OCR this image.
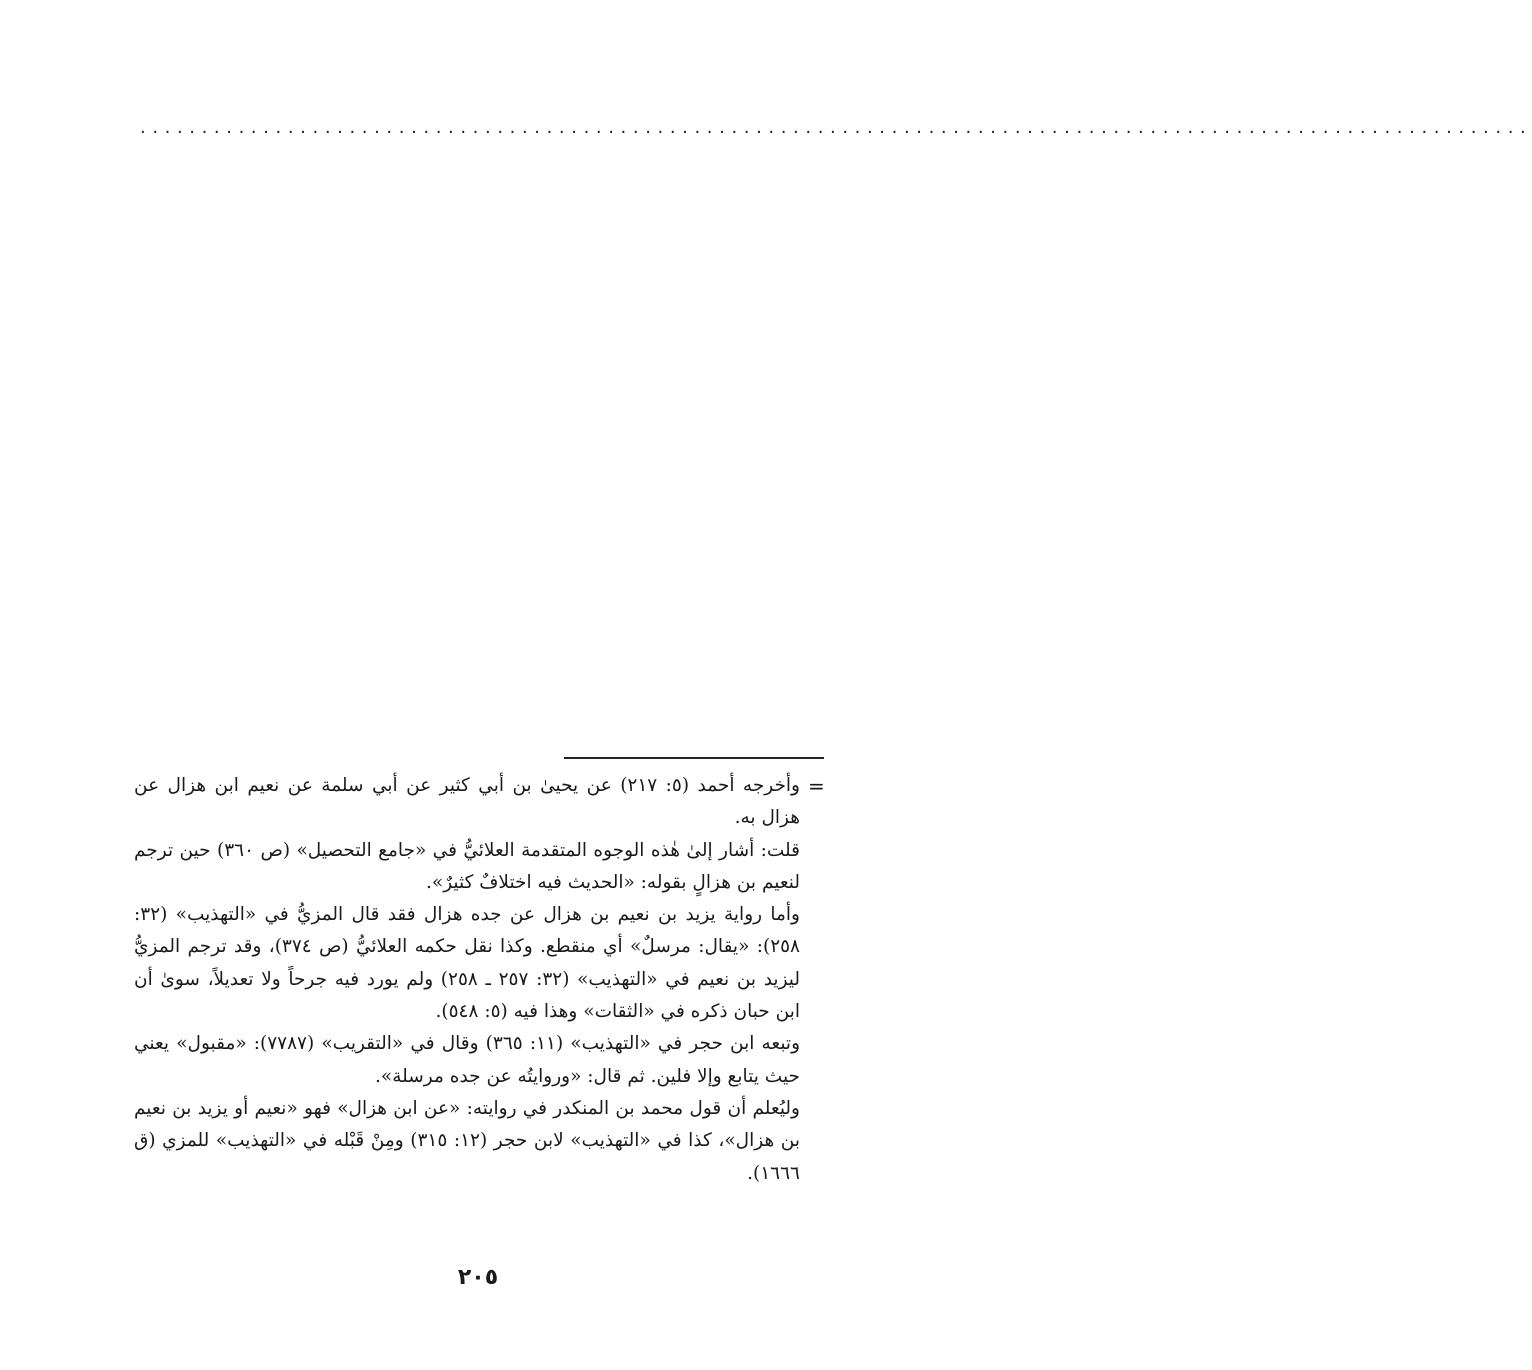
.................................................................................................................
=

وأخرجه أحمد (٥: ٢١٧) عن يحيىٰ بن أبي كثير عن أبي سلمة عن نعيم ابن هزال عن هزال به.

قلت: أشار إلىٰ هٰذه الوجوه المتقدمة العلائيُّ في «جامع التحصيل» (ص ٣٦٠) حين ترجم لنعيم بن هزالٍ بقوله: «الحديث فيه اختلافٌ كثيرٌ».

وأما رواية يزيد بن نعيم بن هزال عن جده هزال فقد قال المزيُّ في «التهذيب» (٣٢: ٢٥٨): «يقال: مرسلٌ» أي منقطع. وكذا نقل حكمه العلائيُّ (ص ٣٧٤)، وقد ترجم المزيُّ ليزيد بن نعيم في «التهذيب» (٣٢: ٢٥٧ ـ ٢٥٨) ولم يورد فيه جرحاً ولا تعديلاً، سوىٰ أن ابن حبان ذكره في «الثقات» وهذا فيه (٥: ٥٤٨).

وتبعه ابن حجر في «التهذيب» (١١: ٣٦٥) وقال في «التقريب» (٧٧٨٧): «مقبول» يعني حيث يتابع وإلا فلين. ثم قال: «وروايتُه عن جده مرسلة».

وليُعلم أن قول محمد بن المنكدر في روايته: «عن ابن هزال» فهو «نعيم أو يزيد بن نعيم بن هزال»، كذا في «التهذيب» لابن حجر (١٢: ٣١٥) ومِنْ قَبْله في «التهذيب» للمزي (ق ١٦٦٦).

٢٠٥
